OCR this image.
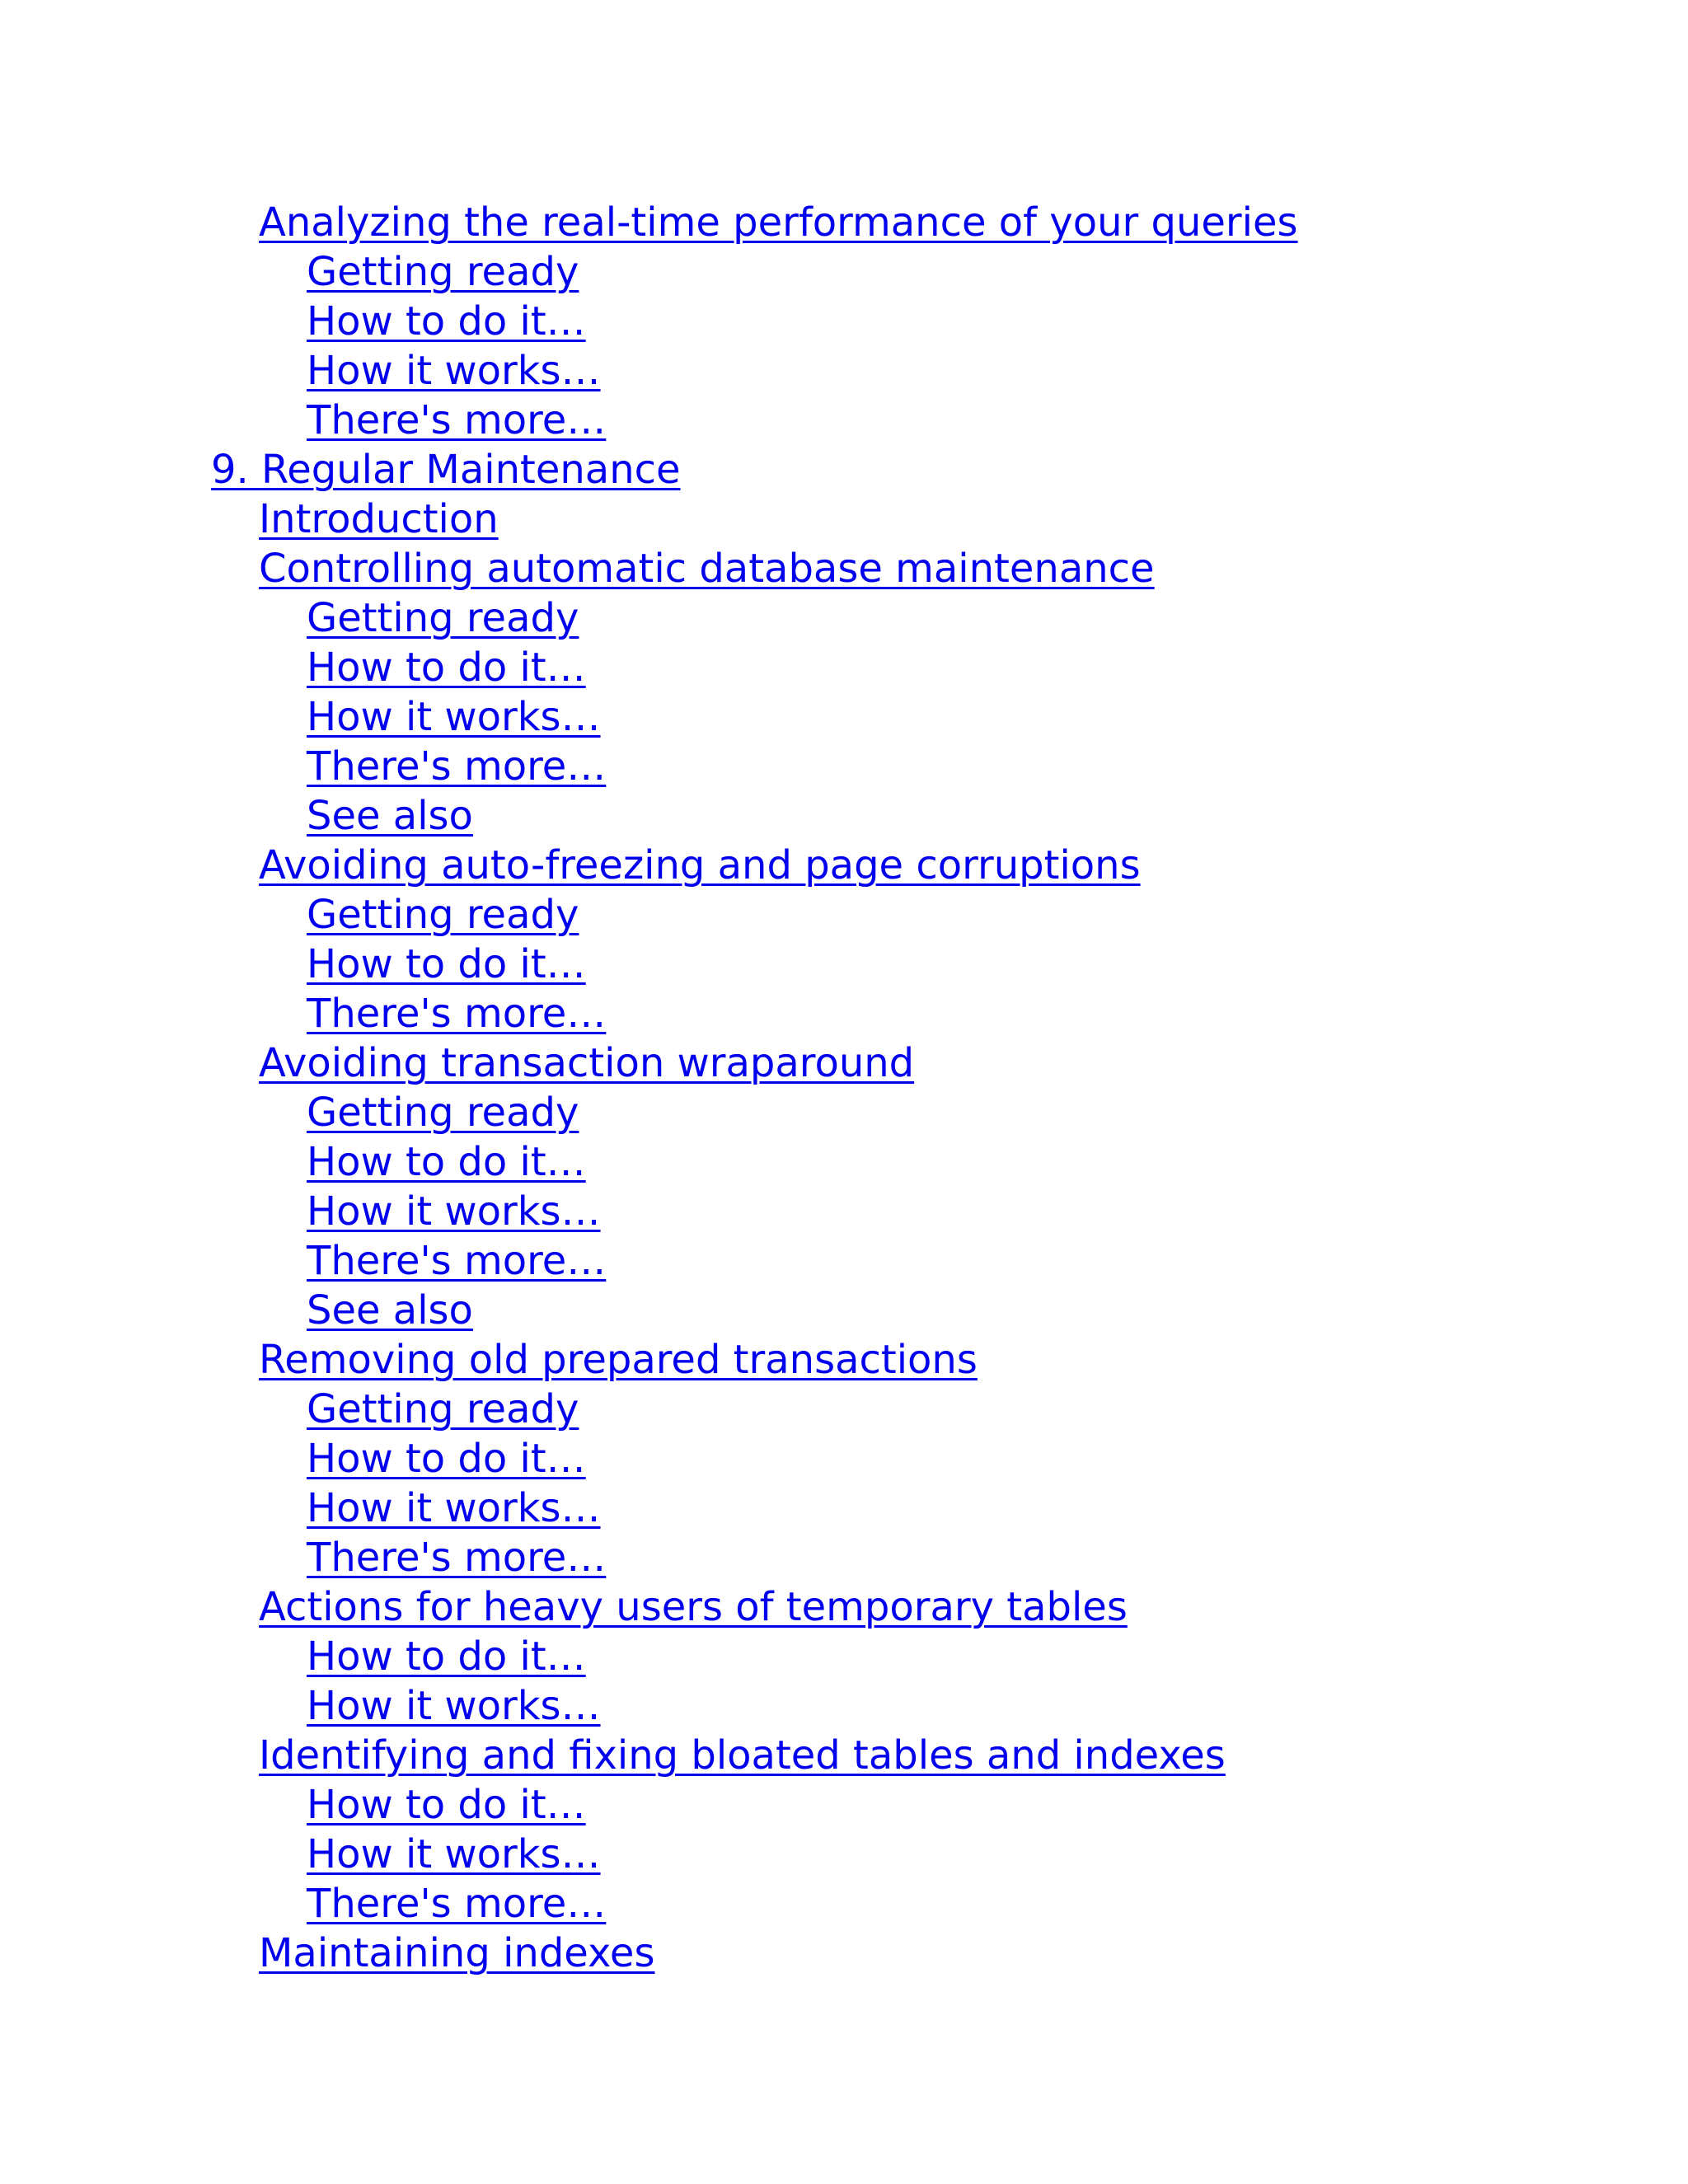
Analyzing the real-time performance of your queries
Getting ready
How to do it…
How it works…
There's more…
9. Regular Maintenance
Introduction
Controlling automatic database maintenance
Getting ready
How to do it…
How it works…
There's more…
See also
Avoiding auto-freezing and page corruptions
Getting ready
How to do it…
There's more…
Avoiding transaction wraparound
Getting ready
How to do it…
How it works…
There's more…
See also
Removing old prepared transactions
Getting ready
How to do it…
How it works…
There's more…
Actions for heavy users of temporary tables
How to do it…
How it works…
Identifying and fixing bloated tables and indexes
How to do it…
How it works…
There's more…
Maintaining indexes
